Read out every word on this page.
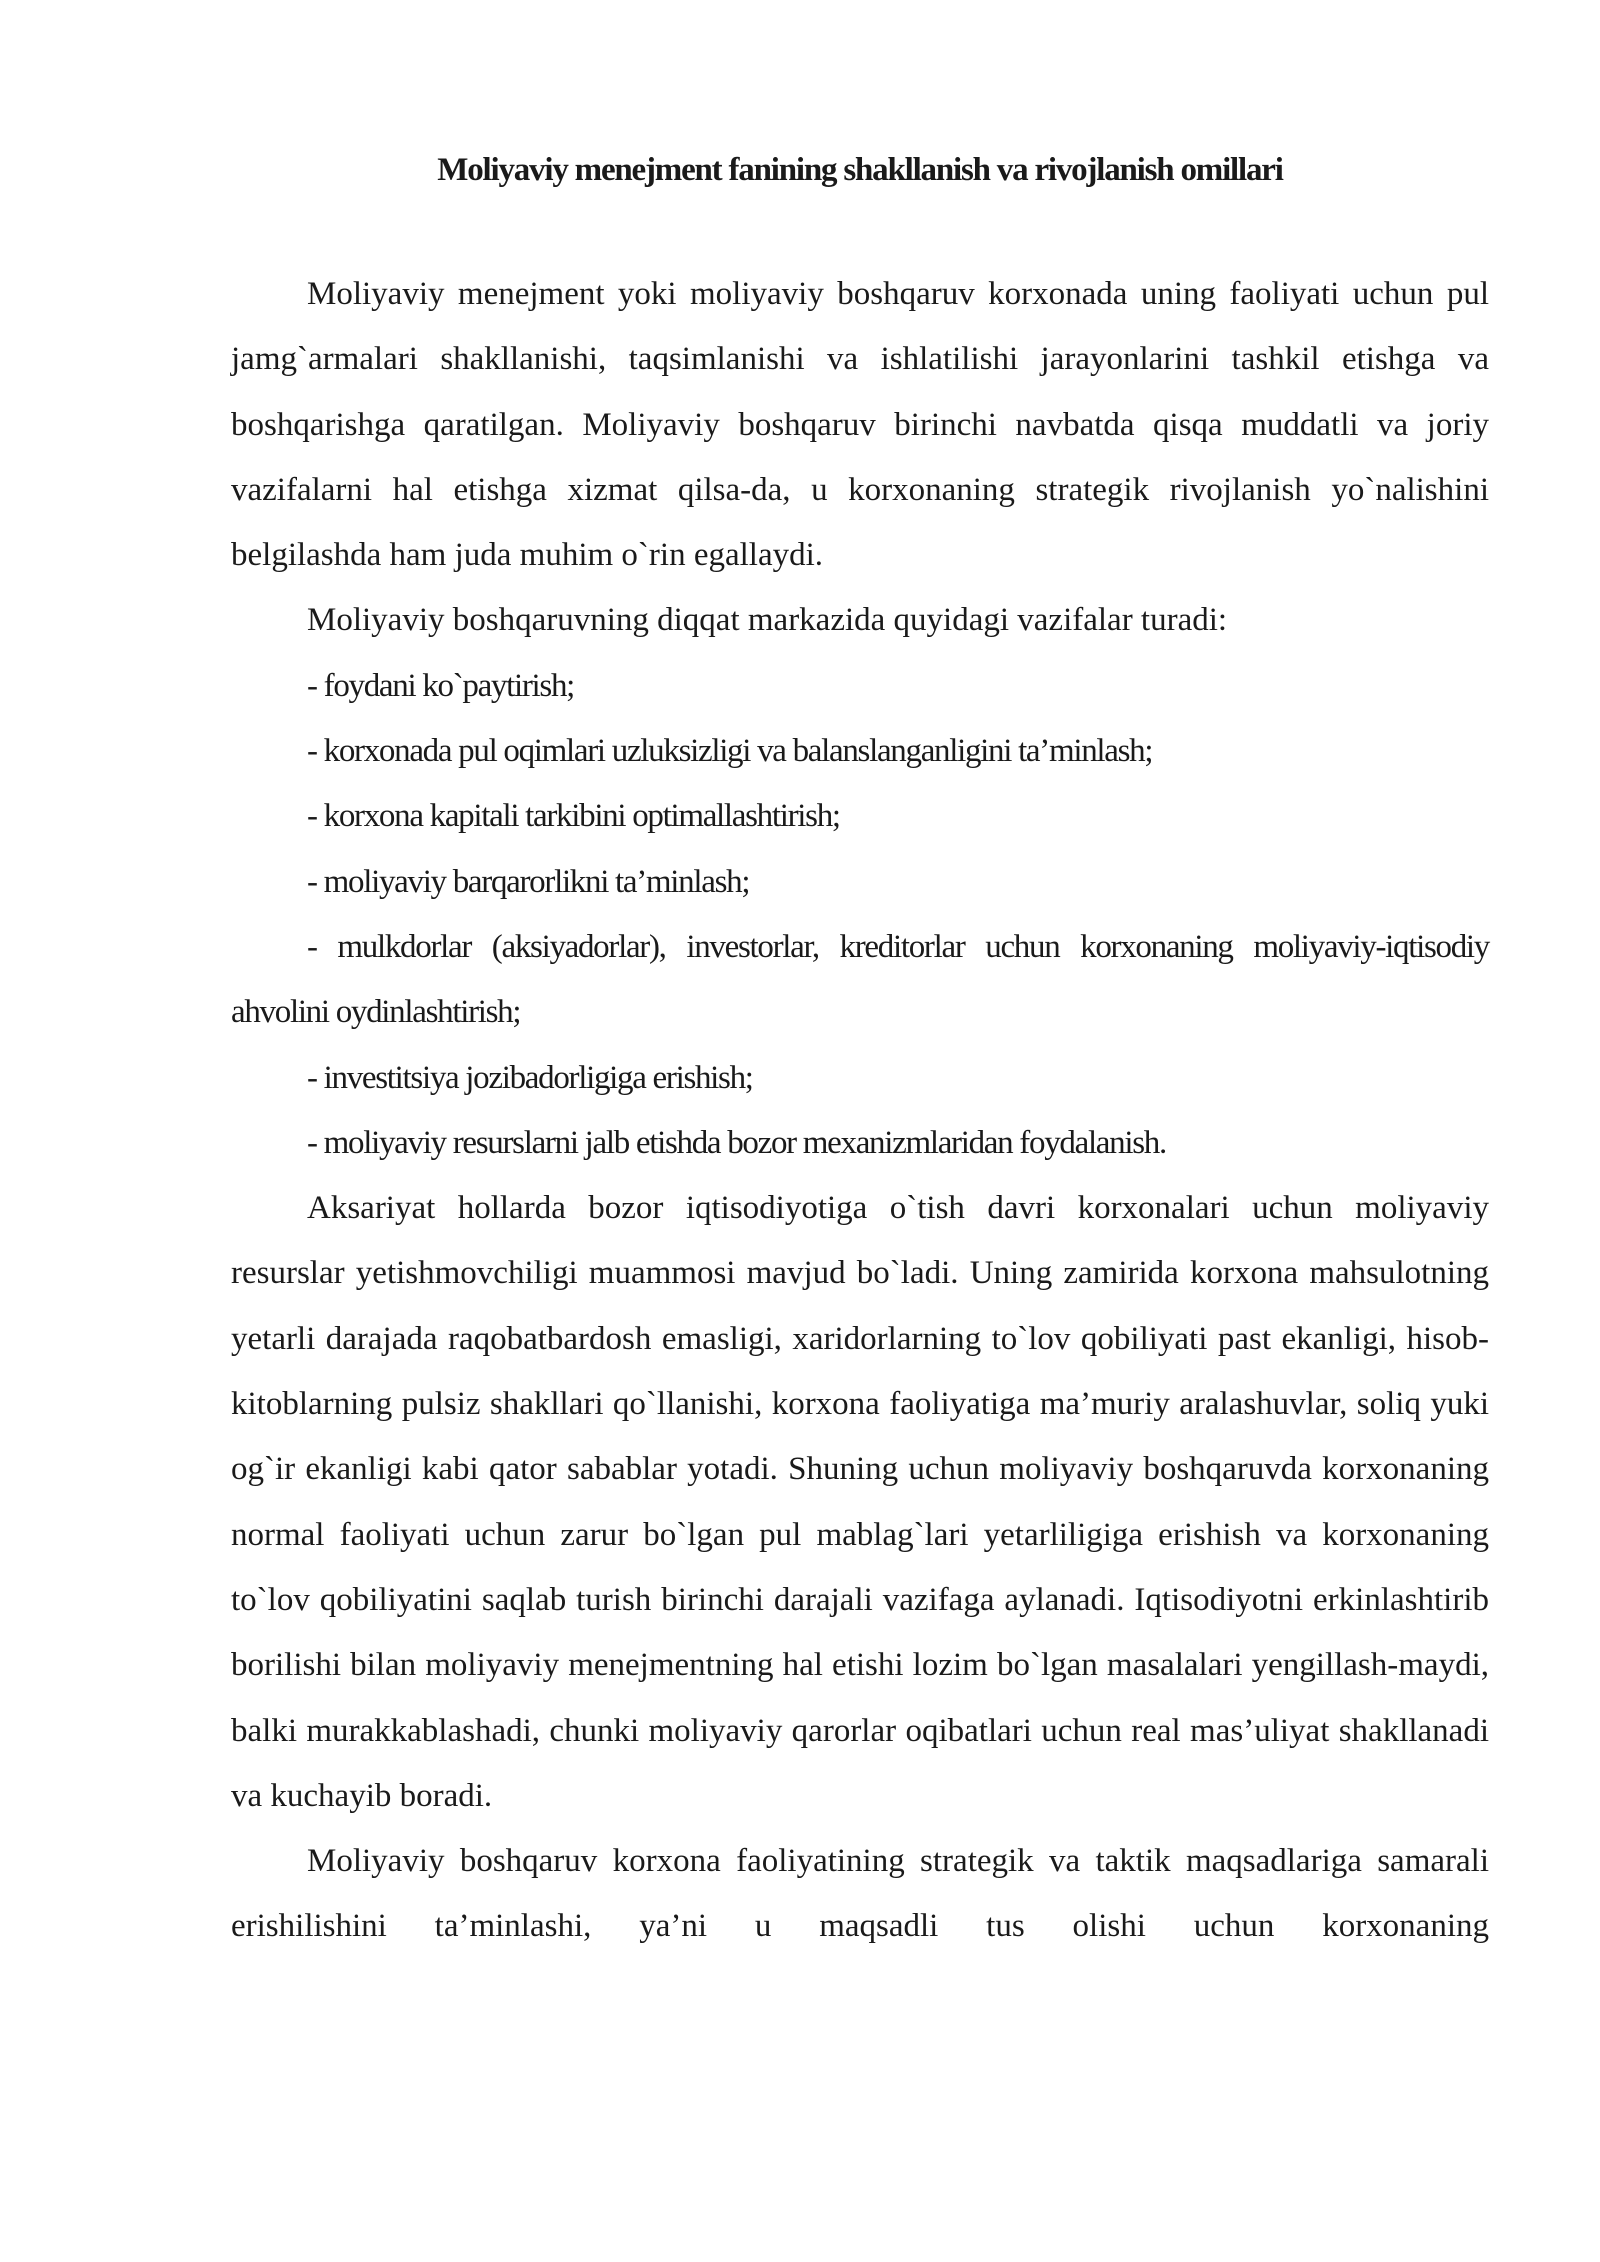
Moliyaviy menejment fanining shakllanish va rivojlanish omillari

Moliyaviy menejment yoki moliyaviy boshqaruv korxonada uning faoliyati uchun pul jamg`armalari shakllanishi, taqsimlanishi va ishlatilishi jarayonlarini tashkil etishga va boshqarishga qaratilgan. Moliyaviy boshqaruv birinchi navbatda qisqa muddatli va joriy vazifalarni hal etishga xizmat qilsa-da, u korxonaning strategik rivojlanish yo`nalishini belgilashda ham juda muhim o`rin egallaydi.

Moliyaviy boshqaruvning diqqat markazida quyidagi vazifalar turadi:

- foydani ko`paytirish;
- korxonada pul oqimlari uzluksizligi va balanslanganligini ta’minlash;
- korxona kapitali tarkibini optimallashtirish;
- moliyaviy barqarorlikni ta’minlash;
- mulkdorlar (aksiyadorlar), investorlar, kreditorlar uchun korxonaning moliyaviy-iqtisodiy ahvolini oydinlashtirish;
- investitsiya jozibadorligiga erishish;
- moliyaviy resurslarni jalb etishda bozor mexanizmlaridan foydalanish.

Aksariyat hollarda bozor iqtisodiyotiga o`tish davri korxonalari uchun moliyaviy resurslar yetishmovchiligi muammosi mavjud bo`ladi. Uning zamirida korxona mahsulotning yetarli darajada raqobatbardosh emasligi, xaridorlarning to`lov qobiliyati past ekanligi, hisob-kitoblarning pulsiz shakllari qo`llanishi, korxona faoliyatiga ma’muriy aralashuvlar, soliq yuki og`ir ekanligi kabi qator sabablar yotadi. Shuning uchun moliyaviy boshqaruvda korxonaning normal faoliyati uchun zarur bo`lgan pul mablag`lari yetarliligiga erishish va korxonaning to`lov qobiliyatini saqlab turish birinchi darajali vazifaga aylanadi. Iqtisodiyotni erkinlashtirib borilishi bilan moliyaviy menejmentning hal etishi lozim bo`lgan masalalari yengillash-maydi, balki murakkablashadi, chunki moliyaviy qarorlar oqibatlari uchun real mas’uliyat shakllanadi va kuchayib boradi.

Moliyaviy boshqaruv korxona faoliyatining strategik va taktik maqsadlariga samarali erishilishini ta’minlashi, ya’ni u maqsadli tus olishi uchun korxonaning
